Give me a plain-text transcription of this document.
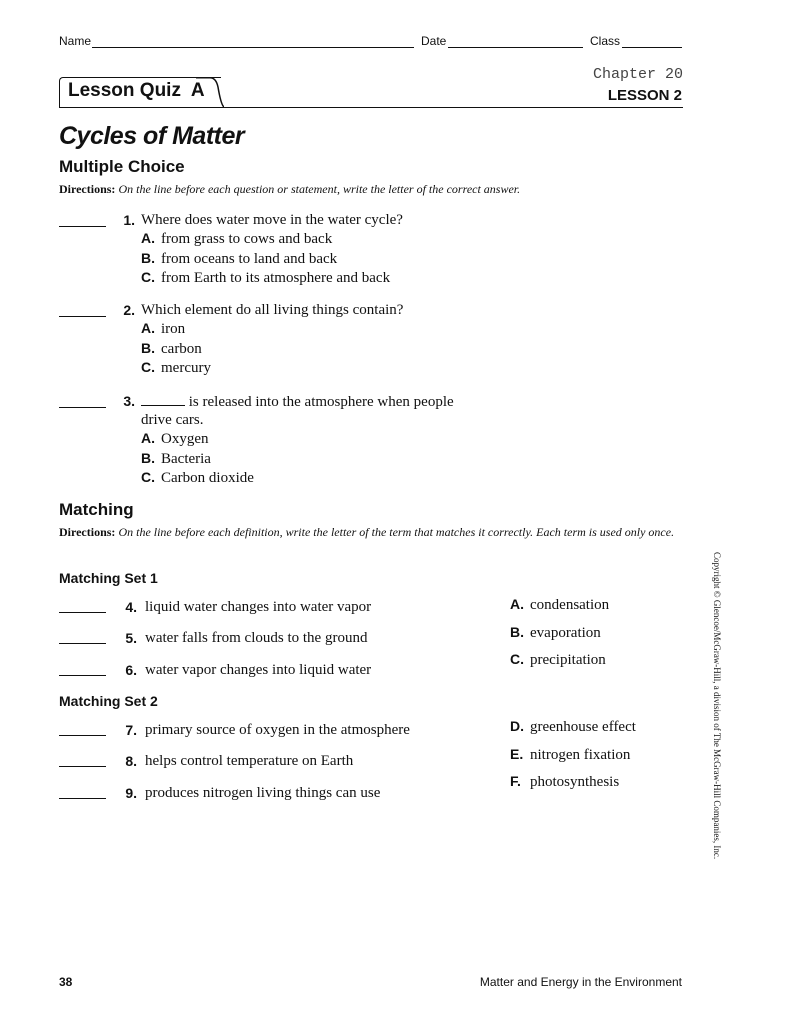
Name	Date	Class
Lesson Quiz  A
Chapter 20
LESSON 2
Cycles of Matter
Multiple Choice
Directions: On the line before each question or statement, write the letter of the correct answer.
1. Where does water move in the water cycle?
A. from grass to cows and back
B. from oceans to land and back
C. from Earth to its atmosphere and back
2. Which element do all living things contain?
A. iron
B. carbon
C. mercury
3.	is released into the atmosphere when people
drive cars.
A. Oxygen
B. Bacteria
C. Carbon dioxide
Matching
Directions: On the line before each definition, write the letter of the term that matches it correctly. Each term is used only once.
Matching Set 1
4. liquid water changes into water vapor
5. water falls from clouds to the ground
6. water vapor changes into liquid water
A. condensation
B. evaporation
C. precipitation
Matching Set 2
7. primary source of oxygen in the atmosphere
8. helps control temperature on Earth
9. produces nitrogen living things can use
D. greenhouse effect
E. nitrogen fixation
F. photosynthesis	Copyright © Glencoe/McGraw-Hill, a division of The McGraw-Hill Companies, Inc.
38	Matter and Energy in the Environment
